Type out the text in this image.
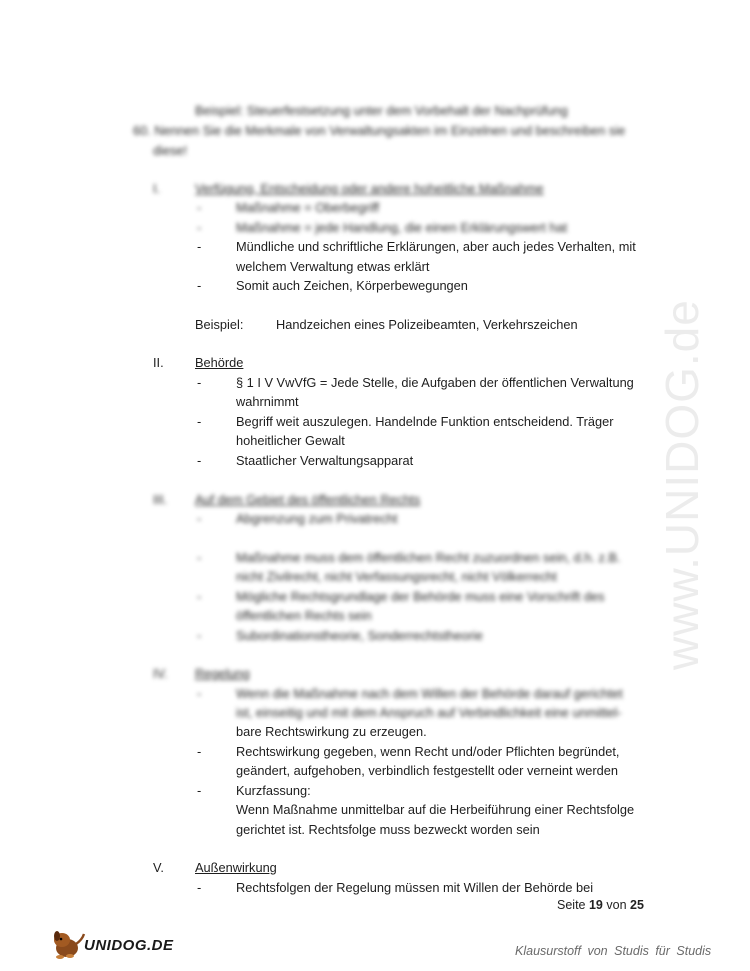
www.UNIDOG.de
Beispiel: Steuerfestsetzung unter dem Vorbehalt der Nachprüfung
60. Nennen Sie die Merkmale von Verwaltungsakten im Einzelnen und beschreiben sie
diese!
I.	Verfügung, Entscheidung oder andere hoheitliche Maßnahme
-	Maßnahme = Oberbegriff
-	Maßnahme = jede Handlung, die einen Erklärungswert hat
-	Mündliche und schriftliche Erklärungen, aber auch jedes Verhalten, mit
welchem Verwaltung etwas erklärt
-	Somit auch Zeichen, Körperbewegungen
Beispiel:	Handzeichen eines Polizeibeamten, Verkehrszeichen
II. Behörde
-	§ 1 I V VwVfG = Jede Stelle, die Aufgaben der öffentlichen Verwaltung
wahrnimmt
-	Begriff weit auszulegen. Handelnde Funktion entscheidend. Träger
hoheitlicher Gewalt
-	Staatlicher Verwaltungsapparat
III. Auf dem Gebiet des öffentlichen Rechts
-	Abgrenzung zum Privatrecht
-	Maßnahme muss dem öffentlichen Recht zuzuordnen sein, d.h. z.B.
nicht Zivilrecht, nicht Verfassungsrecht, nicht Völkerrecht
-	Mögliche Rechtsgrundlage der Behörde muss eine Vorschrift des
öffentlichen Rechts sein
-	Subordinationstheorie, Sonderrechtstheorie
IV. Regelung
-	Wenn die Maßnahme nach dem Willen der Behörde darauf gerichtet
ist, einseitig und mit dem Anspruch auf Verbindlichkeit eine unmittel-
bare Rechtswirkung zu erzeugen.
-	Rechtswirkung gegeben, wenn Recht und/oder Pflichten begründet,
geändert, aufgehoben, verbindlich festgestellt oder verneint werden
-	Kurzfassung:
Wenn Maßnahme unmittelbar auf die Herbeiführung einer Rechtsfolge
gerichtet ist. Rechtsfolge muss bezweckt worden sein
V. Außenwirkung
-	Rechtsfolgen der Regelung müssen mit Willen der Behörde bei
Seite 19 von 25
UNIDOG.DE	Klausurstoff von Studis für Studis
